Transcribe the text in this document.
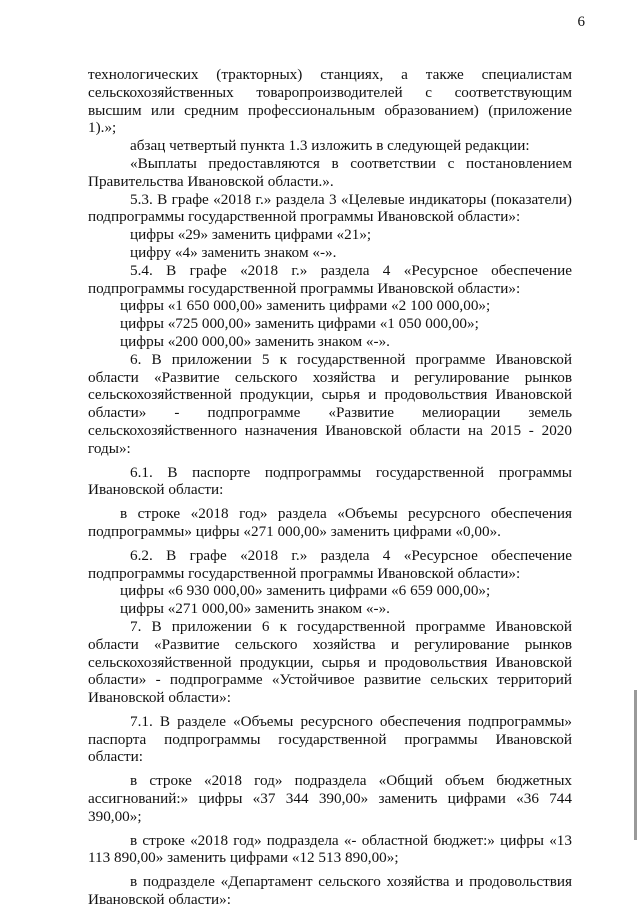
6

технологических (тракторных) станциях, а также специалистам сельскохозяйственных товаропроизводителей с соответствующим высшим или средним профессиональным образованием) (приложение 1).»;

абзац четвертый пункта 1.3 изложить в следующей редакции:

«Выплаты предоставляются в соответствии с постановлением Правительства Ивановской области.».

5.3. В графе «2018 г.» раздела 3 «Целевые индикаторы (показатели) подпрограммы государственной программы Ивановской области»:

цифры «29» заменить цифрами «21»;

цифру «4» заменить знаком «-».

5.4. В графе «2018 г.» раздела 4 «Ресурсное обеспечение подпрограммы государственной программы Ивановской области»:

цифры «1 650 000,00» заменить цифрами «2 100 000,00»;

цифры «725 000,00» заменить цифрами «1 050 000,00»;

цифры «200 000,00» заменить знаком «-».

6. В приложении 5 к государственной программе Ивановской области «Развитие сельского хозяйства и регулирование рынков сельскохозяйственной продукции, сырья и продовольствия Ивановской области» - подпрограмме «Развитие мелиорации земель сельскохозяйственного назначения Ивановской области на 2015 - 2020 годы»:

6.1. В паспорте подпрограммы государственной программы Ивановской области:

в строке «2018 год» раздела «Объемы ресурсного обеспечения подпрограммы» цифры «271 000,00» заменить цифрами «0,00».

6.2. В графе «2018 г.» раздела 4 «Ресурсное обеспечение подпрограммы государственной программы Ивановской области»:

цифры «6 930 000,00» заменить цифрами «6 659 000,00»;

цифры «271 000,00» заменить знаком «-».

7. В приложении 6 к государственной программе Ивановской области «Развитие сельского хозяйства и регулирование рынков сельскохозяйственной продукции, сырья и продовольствия Ивановской области» - подпрограмме «Устойчивое развитие сельских территорий Ивановской области»:

7.1. В разделе «Объемы ресурсного обеспечения подпрограммы» паспорта подпрограммы государственной программы Ивановской области:

в строке «2018 год» подраздела «Общий объем бюджетных ассигнований:» цифры «37 344 390,00» заменить цифрами «36 744 390,00»;

в строке «2018 год» подраздела «- областной бюджет:» цифры «13 113 890,00» заменить цифрами «12 513 890,00»;

в подразделе «Департамент сельского хозяйства и продовольствия Ивановской области»:
